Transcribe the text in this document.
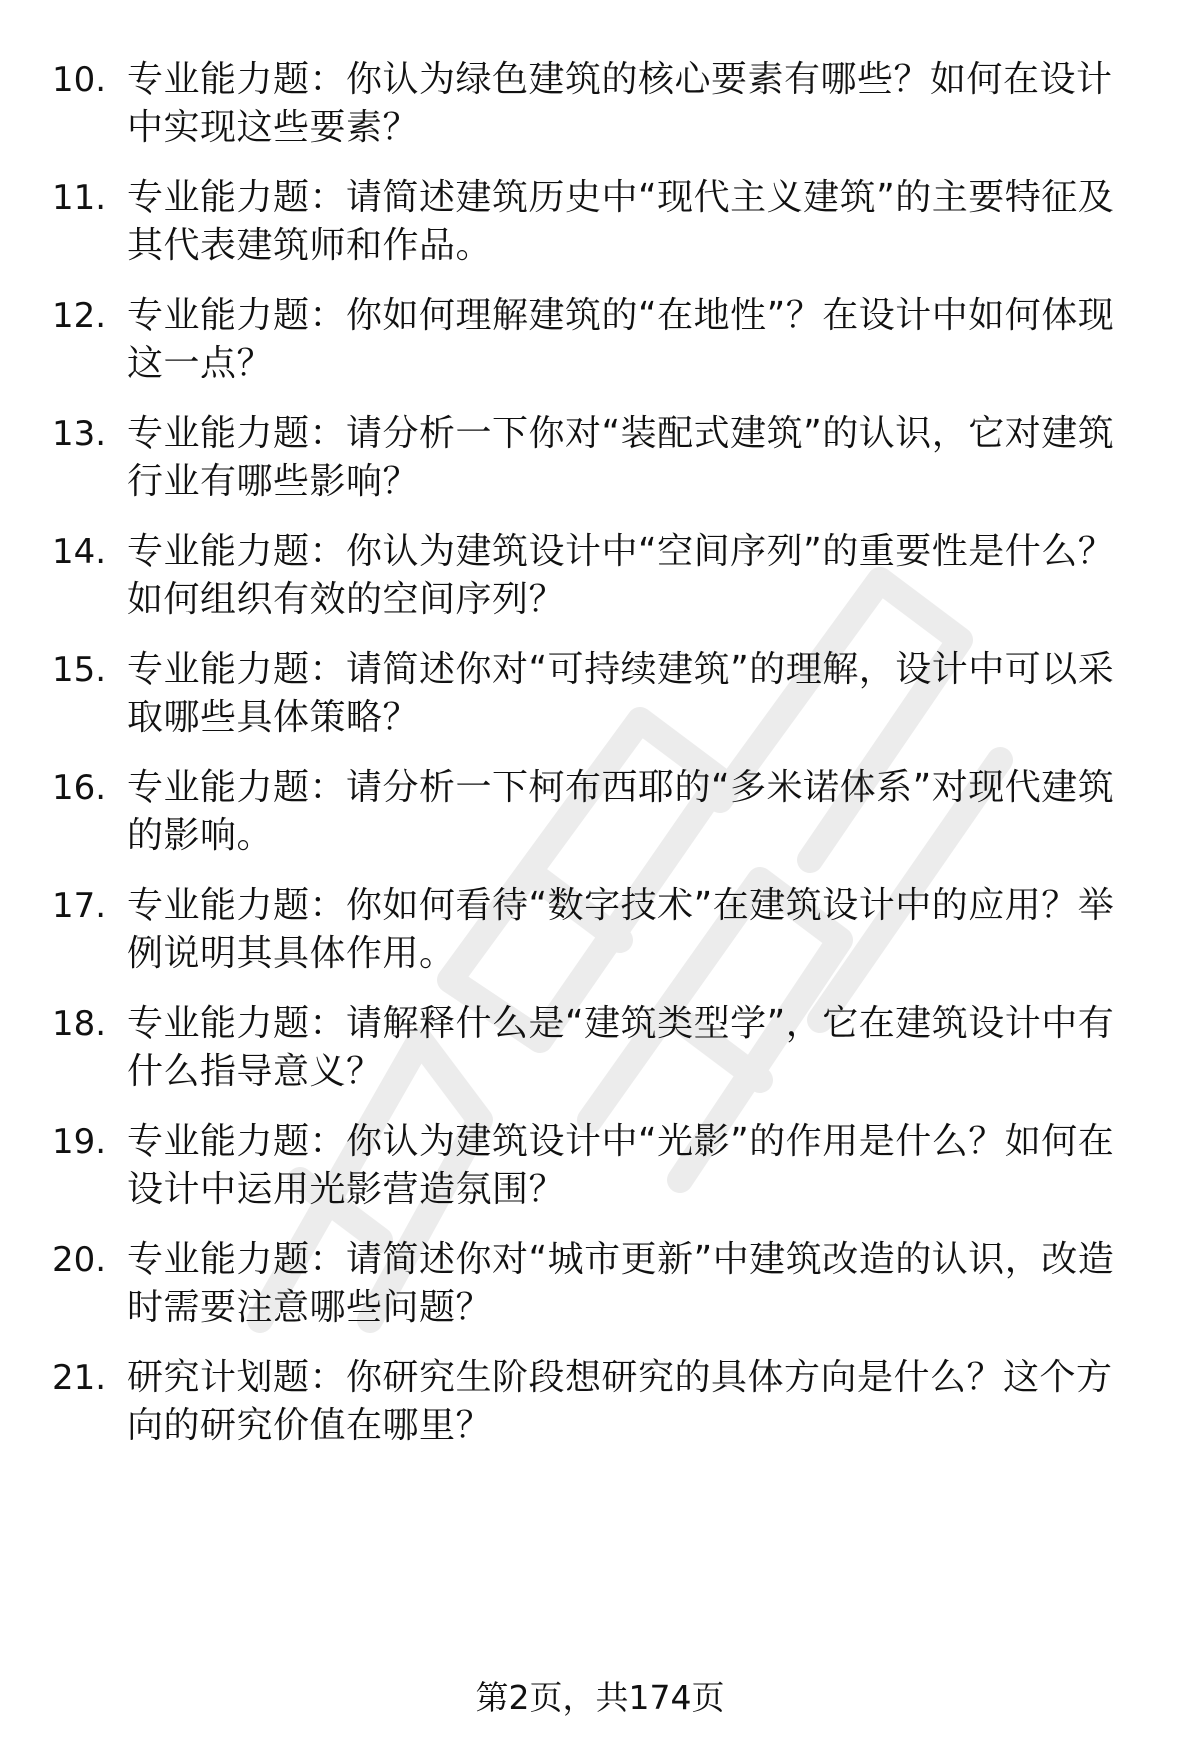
10. 专业能力题：你认为绿色建筑的核心要素有哪些？如何在设计中实现这些要素？
11. 专业能力题：请简述建筑历史中“现代主义建筑”的主要特征及其代表建筑师和作品。
12. 专业能力题：你如何理解建筑的“在地性”？在设计中如何体现这一点？
13. 专业能力题：请分析一下你对“装配式建筑”的认识，它对建筑行业有哪些影响？
14. 专业能力题：你认为建筑设计中“空间序列”的重要性是什么？如何组织有效的空间序列？
15. 专业能力题：请简述你对“可持续建筑”的理解，设计中可以采取哪些具体策略？
16. 专业能力题：请分析一下柯布西耶的“多米诺体系”对现代建筑的影响。
17. 专业能力题：你如何看待“数字技术”在建筑设计中的应用？举例说明其具体作用。
18. 专业能力题：请解释什么是“建筑类型学”，它在建筑设计中有什么指导意义？
19. 专业能力题：你认为建筑设计中“光影”的作用是什么？如何在设计中运用光影营造氛围？
20. 专业能力题：请简述你对“城市更新”中建筑改造的认识，改造时需要注意哪些问题？
21. 研究计划题：你研究生阶段想研究的具体方向是什么？这个方向的研究价值在哪里？
第2页，共174页
